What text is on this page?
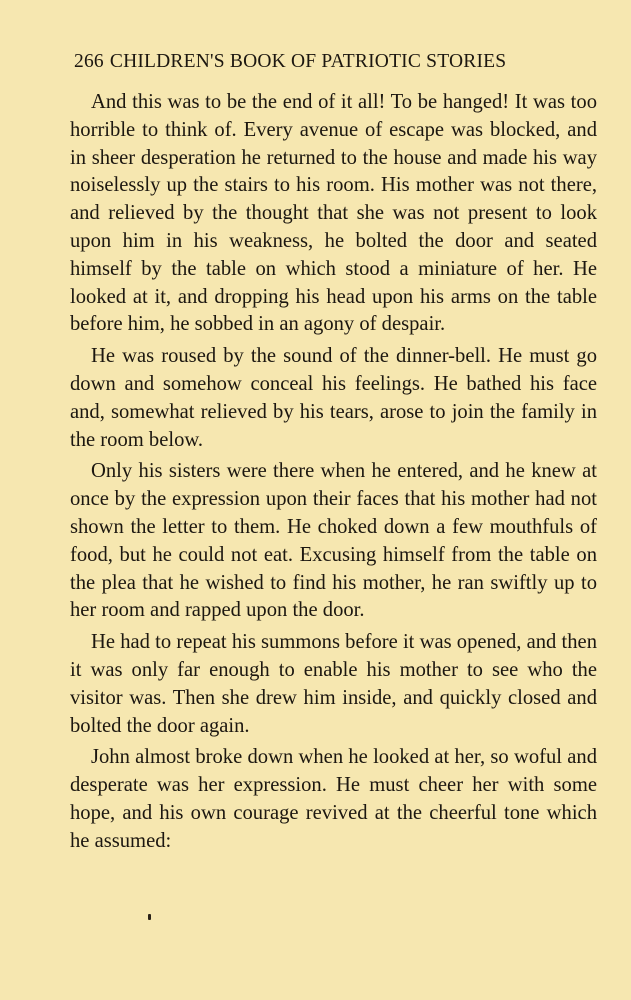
266 CHILDREN'S BOOK OF PATRIOTIC STORIES

And this was to be the end of it all! To be hanged! It was too horrible to think of. Every avenue of escape was blocked, and in sheer desperation he returned to the house and made his way noiselessly up the stairs to his room. His mother was not there, and relieved by the thought that she was not present to look upon him in his weakness, he bolted the door and seated himself by the table on which stood a miniature of her. He looked at it, and dropping his head upon his arms on the table before him, he sobbed in an agony of despair.

He was roused by the sound of the dinner-bell. He must go down and somehow conceal his feelings. He bathed his face and, somewhat relieved by his tears, arose to join the family in the room below.

Only his sisters were there when he entered, and he knew at once by the expression upon their faces that his mother had not shown the letter to them. He choked down a few mouthfuls of food, but he could not eat. Excusing himself from the table on the plea that he wished to find his mother, he ran swiftly up to her room and rapped upon the door.

He had to repeat his summons before it was opened, and then it was only far enough to enable his mother to see who the visitor was. Then she drew him inside, and quickly closed and bolted the door again.

John almost broke down when he looked at her, so woful and desperate was her expression. He must cheer her with some hope, and his own courage revived at the cheerful tone which he assumed:
